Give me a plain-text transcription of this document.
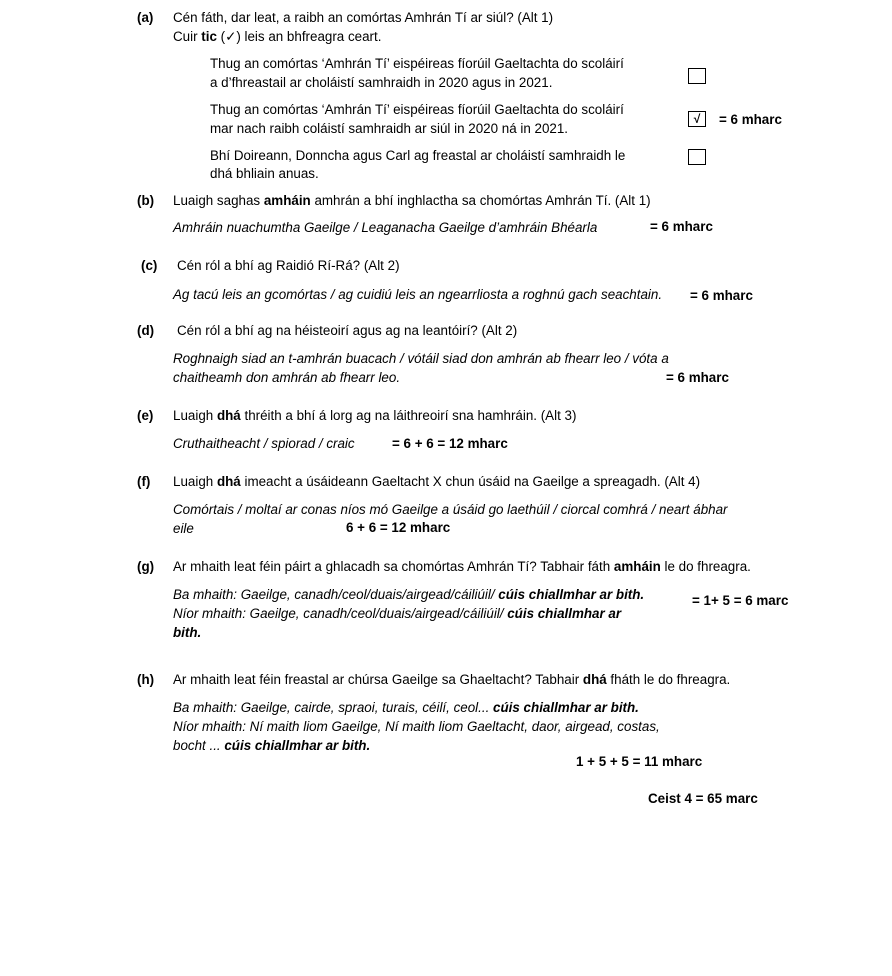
(a) Cén fáth, dar leat, a raibh an comórtas Amhrán Tí ar siúl? (Alt 1)
Cuir tic (✓) leis an bhfreagra ceart.
Thug an comórtas ‘Amhrán Tí’ eispéireas fíorúil Gaeltachta do scoláirí
a d’fhreastail ar choláistí samhraidh in 2020 agus in 2021.
Thug an comórtas ‘Amhrán Tí’ eispéireas fíorúil Gaeltachta do scoláirí
mar nach raibh coláistí samhraidh ar siúl in 2020 ná in 2021.
√	= 6 mharc
Bhí Doireann, Donncha agus Carl ag freastal ar choláistí samhraidh le
dhá bhliain anuas.
(b) Luaigh saghas amháin amhrán a bhí inghlactha sa chomórtas Amhrán Tí. (Alt 1)
Amhráin nuachumtha Gaeilge / Leaganacha Gaeilge d’amhráin Bhéarla	= 6 mharc
(c) Cén ról a bhí ag Raidió Rí-Rá? (Alt 2)
Ag tacú leis an gcomórtas / ag cuidiú leis an ngearrliosta a roghnú gach seachtain. = 6 mharc
(d) Cén ról a bhí ag na héisteoirí agus ag na leantóirí? (Alt 2)
Roghnaigh siad an t-amhrán buacach / vótáil siad don amhrán ab fhearr leo / vóta a
chaitheamh don amhrán ab fhearr leo.	= 6 mharc
(e) Luaigh dhá thréith a bhí á lorg ag na láithreoirí sna hamhráin. (Alt 3)
Cruthaitheacht / spiorad / craic	= 6 + 6 = 12 mharc
(f) Luaigh dhá imeacht a úsáideann Gaeltacht X chun úsáid na Gaeilge a spreagadh. (Alt 4)
Comórtais / moltaí ar conas níos mó Gaeilge a úsáid go laethúil / ciorcal comhrá / neart ábhar
eile	6 + 6 = 12 mharc
(g) Ar mhaith leat féin páirt a ghlacadh sa chomórtas Amhrán Tí? Tabhair fáth amháin le do fhreagra.
Ba mhaith: Gaeilge, canadh/ceol/duais/airgead/cáiliúil/ cúis chiallmhar ar bith.
Níor mhaith: Gaeilge, canadh/ceol/duais/airgead/cáiliúil/ cúis chiallmhar ar
bith.
= 1+ 5 = 6 marc
(h) Ar mhaith leat féin freastal ar chúrsa Gaeilge sa Ghaeltacht? Tabhair dhá fháth le do fhreagra.
Ba mhaith: Gaeilge, cairde, spraoi, turais, céilí, ceol... cúis chiallmhar ar bith.
Níor mhaith: Ní maith liom Gaeilge, Ní maith liom Gaeltacht, daor, airgead, costas,
bocht ... cúis chiallmhar ar bith.
1 + 5 + 5 = 11 mharc
Ceist 4 = 65 marc
